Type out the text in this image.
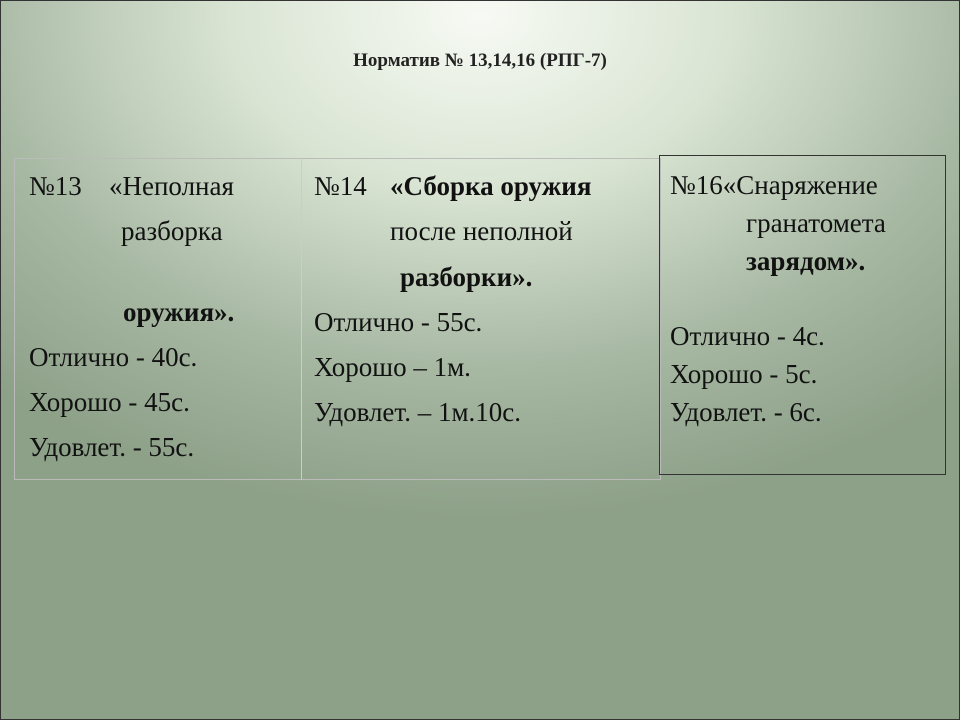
Норматив № 13,14,16 (РПГ-7)
№13 «Неполная
разборка
оружия».
Отлично - 40с.
Хорошо - 45с.
Удовлет. - 55с.
№14 «Сборка оружия
после неполной
разборки».
Отлично - 55с.
Хорошо – 1м.
Удовлет. – 1м.10с.
№16«Снаряжение
гранатомета
зарядом».
Отлично - 4с.
Хорошо - 5с.
Удовлет. - 6с.
